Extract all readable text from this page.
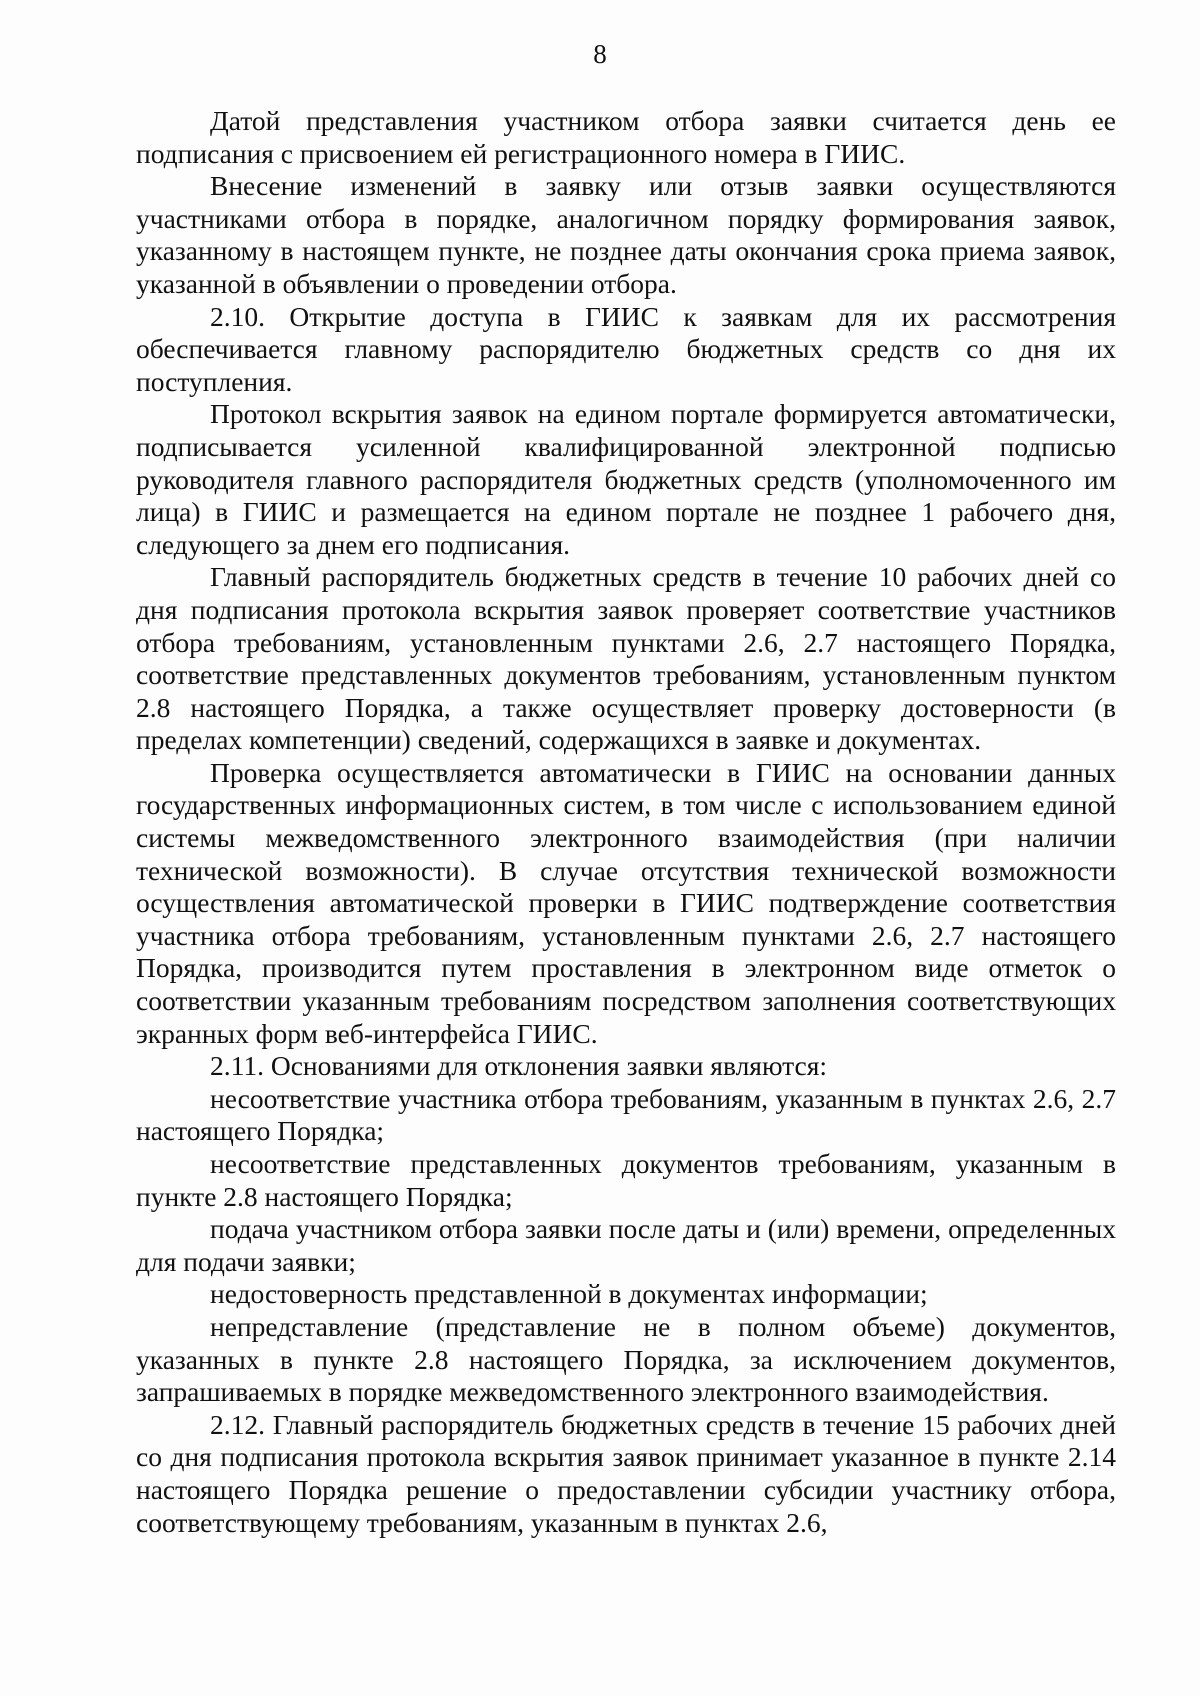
8

Датой представления участником отбора заявки считается день ее подписания с присвоением ей регистрационного номера в ГИИС.

Внесение изменений в заявку или отзыв заявки осуществляются участниками отбора в порядке, аналогичном порядку формирования заявок, указанному в настоящем пункте, не позднее даты окончания срока приема заявок, указанной в объявлении о проведении отбора.

2.10. Открытие доступа в ГИИС к заявкам для их рассмотрения обеспечивается главному распорядителю бюджетных средств со дня их поступления.

Протокол вскрытия заявок на едином портале формируется автоматически, подписывается усиленной квалифицированной электронной подписью руководителя главного распорядителя бюджетных средств (уполномоченного им лица) в ГИИС и размещается на едином портале не позднее 1 рабочего дня, следующего за днем его подписания.

Главный распорядитель бюджетных средств в течение 10 рабочих дней со дня подписания протокола вскрытия заявок проверяет соответствие участников отбора требованиям, установленным пунктами 2.6, 2.7 настоящего Порядка, соответствие представленных документов требованиям, установленным пунктом 2.8 настоящего Порядка, а также осуществляет проверку достоверности (в пределах компетенции) сведений, содержащихся в заявке и документах.

Проверка осуществляется автоматически в ГИИС на основании данных государственных информационных систем, в том числе с использованием единой системы межведомственного электронного взаимодействия (при наличии технической возможности). В случае отсутствия технической возможности осуществления автоматической проверки в ГИИС подтверждение соответствия участника отбора требованиям, установленным пунктами 2.6, 2.7 настоящего Порядка, производится путем проставления в электронном виде отметок о соответствии указанным требованиям посредством заполнения соответствующих экранных форм веб-интерфейса ГИИС.

2.11. Основаниями для отклонения заявки являются:

несоответствие участника отбора требованиям, указанным в пунктах 2.6, 2.7 настоящего Порядка;

несоответствие представленных документов требованиям, указанным в пункте 2.8 настоящего Порядка;

подача участником отбора заявки после даты и (или) времени, определенных для подачи заявки;

недостоверность представленной в документах информации;

непредставление (представление не в полном объеме) документов, указанных в пункте 2.8 настоящего Порядка, за исключением документов, запрашиваемых в порядке межведомственного электронного взаимодействия.

2.12. Главный распорядитель бюджетных средств в течение 15 рабочих дней со дня подписания протокола вскрытия заявок принимает указанное в пункте 2.14 настоящего Порядка решение о предоставлении субсидии участнику отбора, соответствующему требованиям, указанным в пунктах 2.6,
